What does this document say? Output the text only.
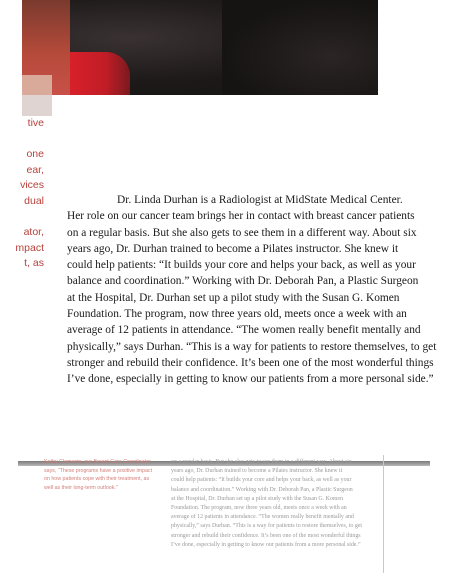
tive
one
ear,
vices
dual
ator,
mpact
t, as
Dr. Linda Durhan is a Radiologist at MidState Medical Center.
Her role on our cancer team brings her in contact with breast cancer patients
on a regular basis. But she also gets to see them in a different way. About six
years ago, Dr. Durhan trained to become a Pilates instructor. She knew it
could help patients: “It builds your core and helps your back, as well as your
balance and coordination.” Working with Dr. Deborah Pan, a Plastic Surgeon
at the Hospital, Dr. Durhan set up a pilot study with the Susan G. Komen
Foundation. The program, now three years old, meets once a week with an
average of 12 patients in attendance. “The women really benefit mentally and
physically,” says Durhan. “This is a way for patients to restore themselves, to get
stronger and rebuild their confidence. It’s been one of the most wonderful things
I’ve done, especially in getting to know our patients from a more personal side.”
Kathy Clements, our Breast Care Coordinator,
says, “These programs have a positive impact
on how patients cope with their treatment, as
well as their long-term outlook.”
on a regular basis. But she also gets to see them in a different way. About six
years ago, Dr. Durhan trained to become a Pilates instructor. She knew it
could help patients: “It builds your core and helps your back, as well as your
balance and coordination.” Working with Dr. Deborah Pan, a Plastic Surgeon
at the Hospital, Dr. Durhan set up a pilot study with the Susan G. Komen
Foundation. The program, now three years old, meets once a week with an
average of 12 patients in attendance. “The women really benefit mentally and
physically,” says Durhan. “This is a way for patients to restore themselves, to get
stronger and rebuild their confidence. It’s been one of the most wonderful things
I’ve done, especially in getting to know our patients from a more personal side.”
